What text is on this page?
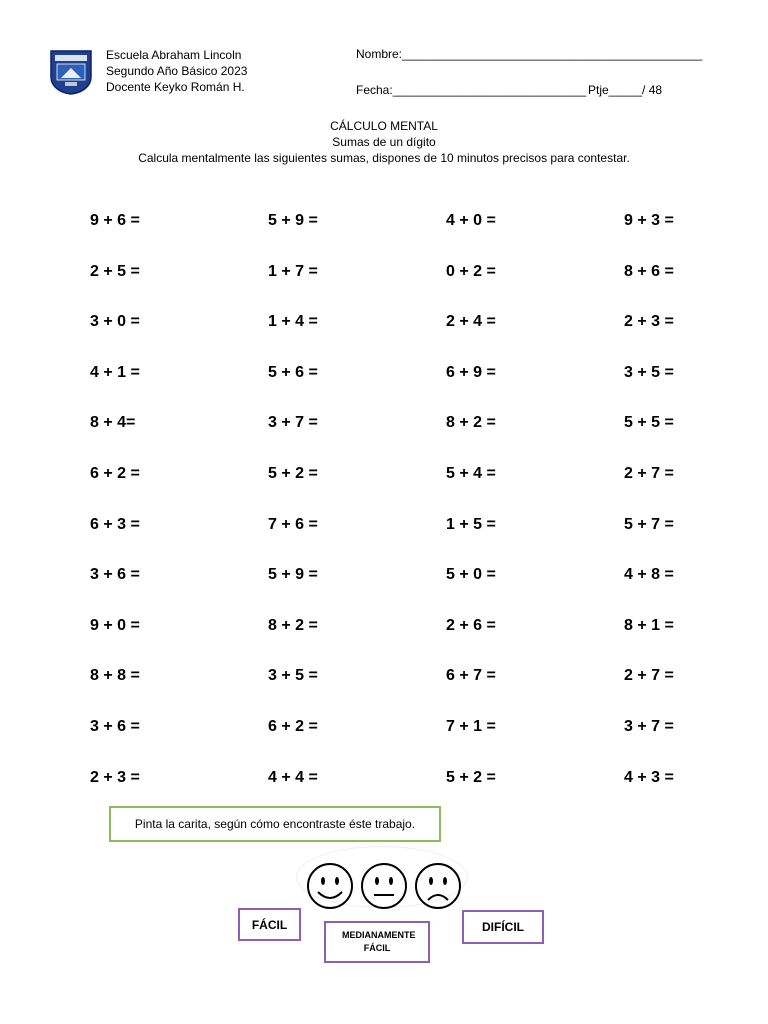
Escuela Abraham Lincoln
Segundo Año Básico 2023
Docente Keyko Román H.
Nombre:_____________________________________________
Fecha:_____________________________ Ptje_____/ 48
CÁLCULO MENTAL
Sumas de un dígito
Calcula mentalmente las siguientes sumas, dispones de 10 minutos precisos para contestar.
9 + 6 =	5 + 9 =	4 + 0 =	9 + 3 =
2 + 5 =	1 + 7 =	0 + 2 =	8 + 6 =
3 + 0 =	1 + 4 =	2 + 4 =	2 + 3 =
4 + 1 =	5 + 6 =	6 + 9 =	3 + 5 =
8 + 4=	3 + 7 =	8 + 2 =	5 + 5 =
6 + 2 =	5 + 2 =	5 + 4 =	2 + 7 =
6 + 3 =	7 + 6 =	1 + 5 =	5 + 7 =
3 + 6 =	5 + 9 =	5 + 0 =	4 + 8 =
9 + 0 =	8 + 2 =	2 + 6 =	8 + 1 =
8 + 8 =	3 + 5 =	6 + 7 =	2 + 7 =
3 + 6 =	6 + 2 =	7 + 1 =	3 + 7 =
2 + 3 =	4 + 4 =	5 + 2 =	4 + 3 =
Pinta la carita, según cómo encontraste éste trabajo.
FÁCIL
MEDIANAMENTE FÁCIL
DIFÍCIL
